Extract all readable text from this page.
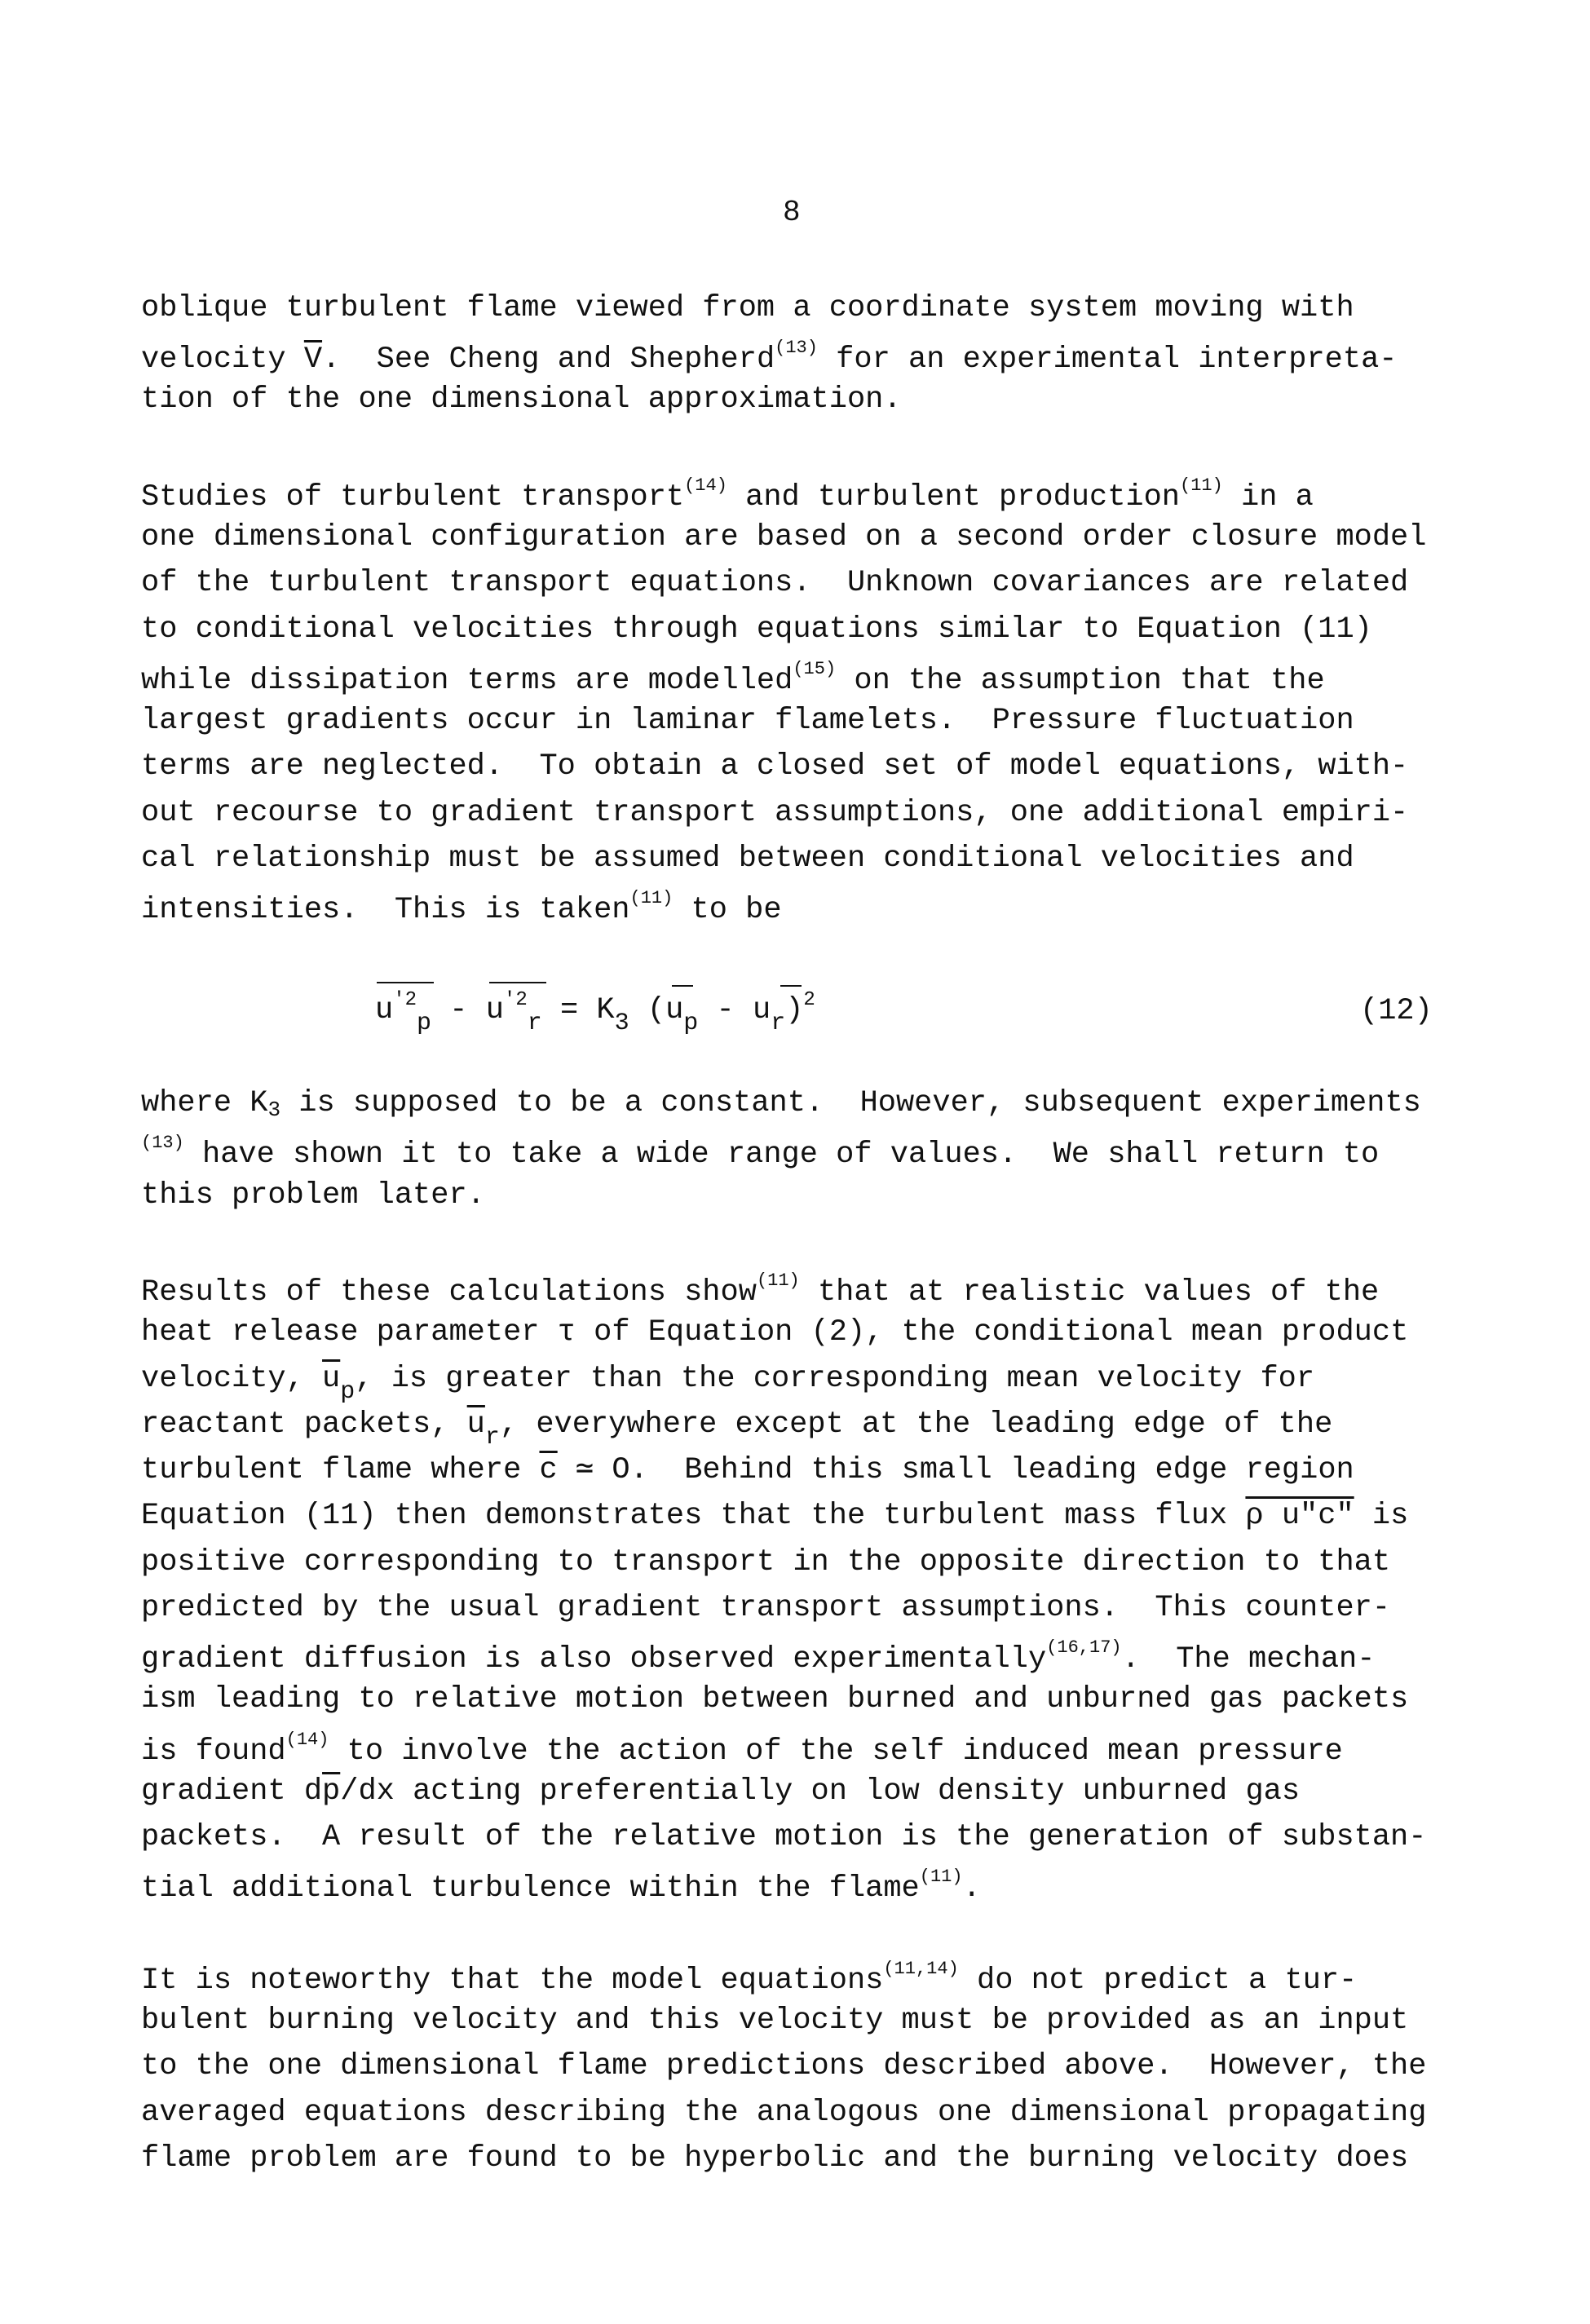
8
oblique turbulent flame viewed from a coordinate system moving with
velocity $\overline{V}$.  See Cheng and Shepherd$^{(13)}$ for an experimental interpreta-
tion of the one dimensional approximation.
Studies of turbulent transport$^{(14)}$ and turbulent production$^{(11)}$ in a
one dimensional configuration are based on a second order closure model
of the turbulent transport equations.  Unknown covariances are related
to conditional velocities through equations similar to Equation (11)
while dissipation terms are modelled$^{(15)}$ on the assumption that the
largest gradients occur in laminar flamelets.  Pressure fluctuation
terms are neglected.  To obtain a closed set of model equations, with-
out recourse to gradient transport assumptions, one additional empiri-
cal relationship must be assumed between conditional velocities and
intensities.  This is taken$^{(11)}$ to be
$u^{'2}_p - u^{'2}_r = K_3$ $(u_p - u_r)^2$	(12)
where $K_3$ is supposed to be a constant.  However, subsequent experiments
$^{(13)}$ have shown it to take a wide range of values.  We shall return to
this problem later.
Results of these calculations show$^{(11)}$ that at realistic values of the
heat release parameter τ of Equation (2), the conditional mean product
velocity, $\overline{u}_p$, is greater than the corresponding mean velocity for
reactant packets, $\overline{u}_r$, everywhere except at the leading edge of the
turbulent flame where $\overline{c}$ ≃ O.  Behind this small leading edge region
Equation (11) then demonstrates that the turbulent mass flux ρ u"c" is
positive corresponding to transport in the opposite direction to that
predicted by the usual gradient transport assumptions.  This counter-
gradient diffusion is also observed experimentally$^{(16,17)}$.  The mechan-
ism leading to relative motion between burned and unburned gas packets
is found$^{(14)}$ to involve the action of the self induced mean pressure
gradient $d\overline{p}/dx$ acting preferentially on low density unburned gas
packets.  A result of the relative motion is the generation of substan-
tial additional turbulence within the flame$^{(11)}$.
It is noteworthy that the model equations$^{(11,14)}$ do not predict a tur-
bulent burning velocity and this velocity must be provided as an input
to the one dimensional flame predictions described above.  However, the
averaged equations describing the analogous one dimensional propagating
flame problem are found to be hyperbolic and the burning velocity does
